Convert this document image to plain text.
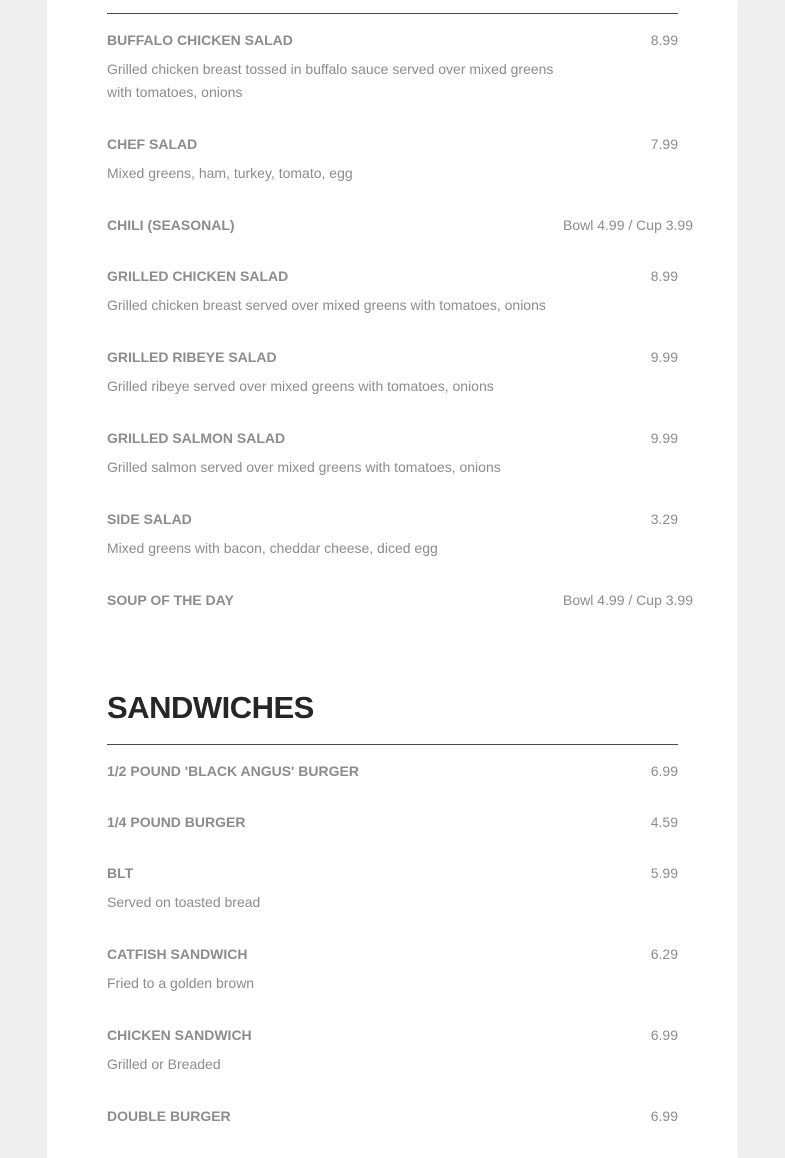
BUFFALO CHICKEN SALAD	8.99
Grilled chicken breast tossed in buffalo sauce served over mixed greens with tomatoes, onions
CHEF SALAD	7.99
Mixed greens, ham, turkey, tomato, egg
CHILI (SEASONAL)	Bowl 4.99 / Cup 3.99
GRILLED CHICKEN SALAD	8.99
Grilled chicken breast served over mixed greens with tomatoes, onions
GRILLED RIBEYE SALAD	9.99
Grilled ribeye served over mixed greens with tomatoes, onions
GRILLED SALMON SALAD	9.99
Grilled salmon served over mixed greens with tomatoes, onions
SIDE SALAD	3.29
Mixed greens with bacon, cheddar cheese, diced egg
SOUP OF THE DAY	Bowl 4.99 / Cup 3.99
SANDWICHES
1/2 POUND 'BLACK ANGUS' BURGER	6.99
1/4 POUND BURGER	4.59
BLT	5.99
Served on toasted bread
CATFISH SANDWICH	6.29
Fried to a golden brown
CHICKEN SANDWICH	6.99
Grilled or Breaded
DOUBLE BURGER	6.99
